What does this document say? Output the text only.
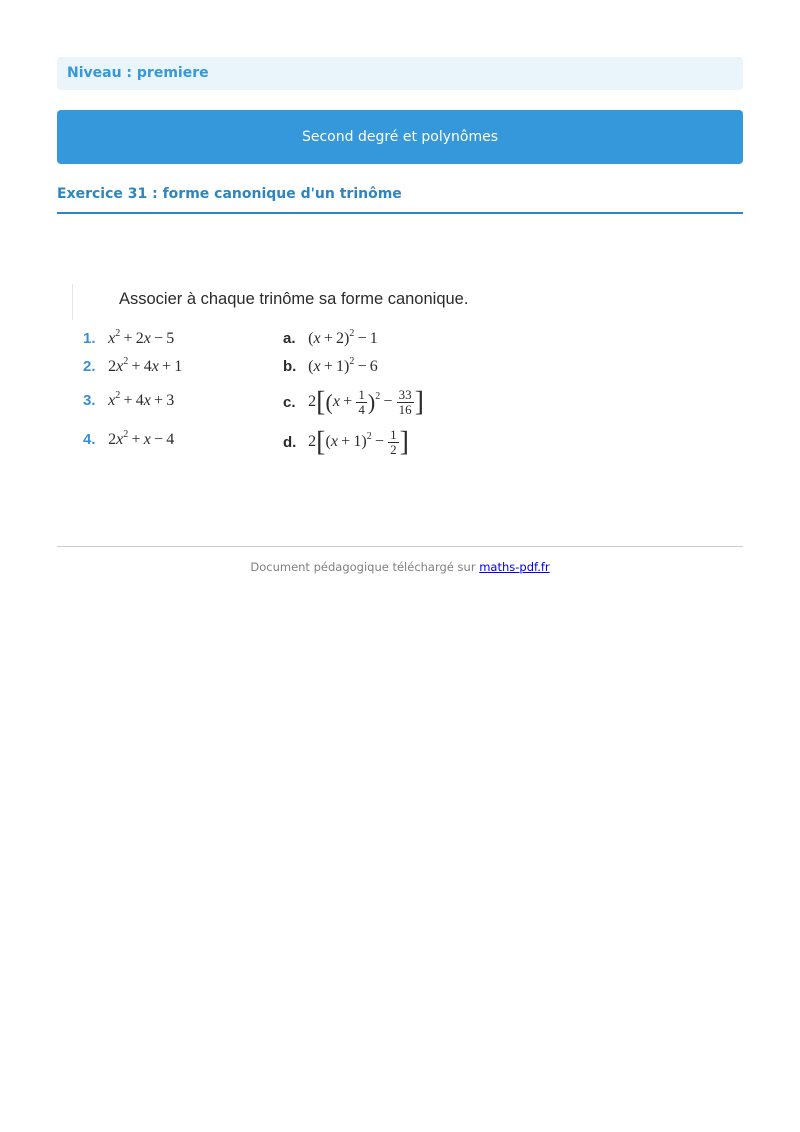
Niveau : premiere
Second degré et polynômes
Exercice 31 : forme canonique d'un trinôme
Associer à chaque trinôme sa forme canonique.
1. $x^2 + 2x - 5$
2. $2x^2 + 4x + 1$
3. $x^2 + 4x + 3$
4. $2x^2 + x - 4$
a. $(x + 2)^2 - 1$
b. $(x + 1)^2 - 6$
c. $2[(x + \frac{1}{4} )^2 - \frac{33}{16}$ ]
d. $2[(x + 1)^2 - \frac{1}{2}$ ]
Document pédagogique téléchargé sur maths-pdf.fr
